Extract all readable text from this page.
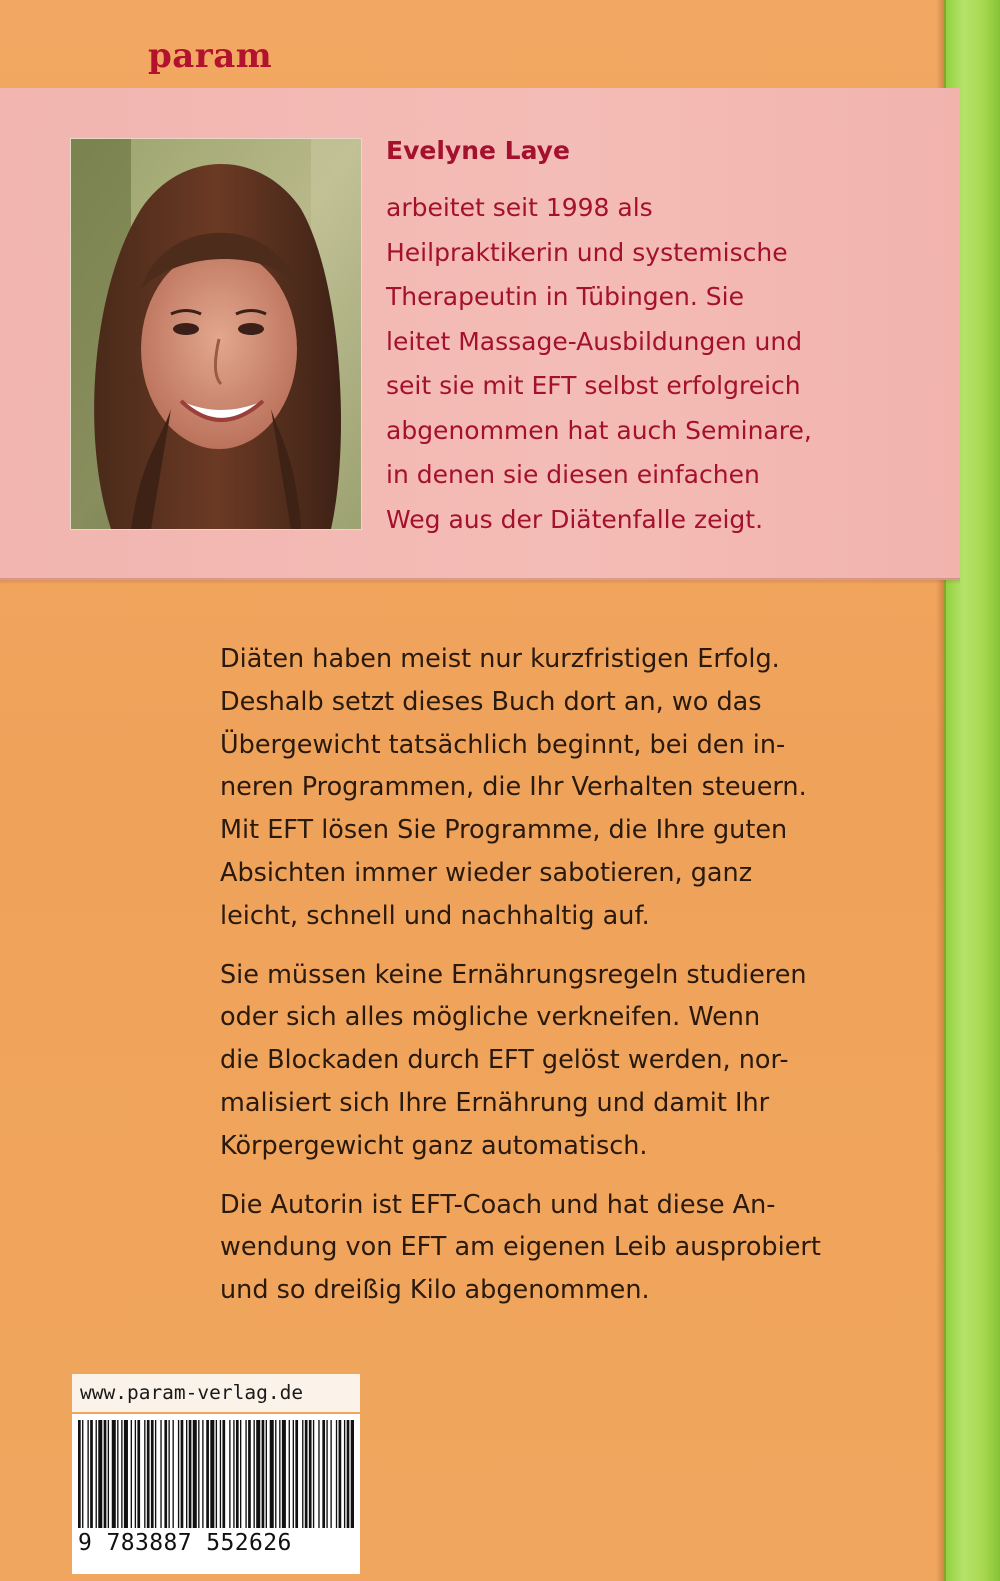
param
Evelyne Laye
arbeitet seit 1998 als
Heilpraktikerin und systemische
Therapeutin in Tübingen. Sie
leitet Massage-Ausbildungen und
seit sie mit EFT selbst erfolgreich
abgenommen hat auch Seminare,
in denen sie diesen einfachen
Weg aus der Diätenfalle zeigt.
Diäten haben meist nur kurzfristigen Erfolg.
Deshalb setzt dieses Buch dort an, wo das
Übergewicht tatsächlich beginnt, bei den in-
neren Programmen, die Ihr Verhalten steuern.
Mit EFT lösen Sie Programme, die Ihre guten
Absichten immer wieder sabotieren, ganz
leicht, schnell und nachhaltig auf.
Sie müssen keine Ernährungsregeln studieren
oder sich alles mögliche verkneifen. Wenn
die Blockaden durch EFT gelöst werden, nor-
malisiert sich Ihre Ernährung und damit Ihr
Körpergewicht ganz automatisch.
Die Autorin ist EFT-Coach und hat diese An-
wendung von EFT am eigenen Leib ausprobiert
und so dreißig Kilo abgenommen.
www.param-verlag.de
9 783887 552626
